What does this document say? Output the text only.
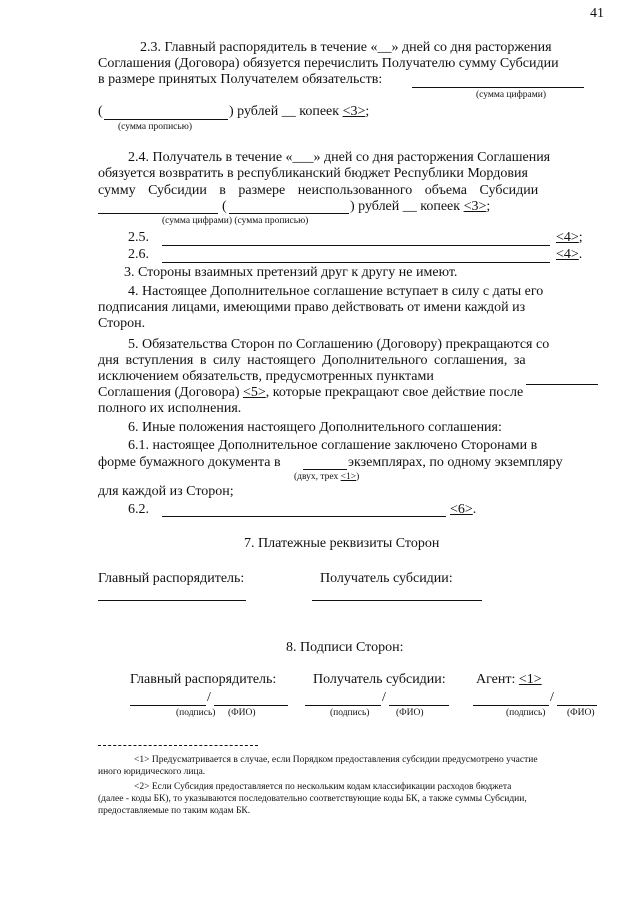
41
2.3. Главный распорядитель в течение «__» дней со дня расторжения
Соглашения (Договора) обязуется перечислить Получателю сумму Субсидии
в размере принятых Получателем обязательств:
(сумма цифрами)
(	) рублей __ копеек <3>;
(сумма прописью)
2.4. Получатель в течение «___» дней со дня расторжения Соглашения
обязуется возвратить в республиканский бюджет Республики Мордовия
сумму Субсидии в размере неиспользованного объема Субсидии
(	) рублей __ копеек <3>;
(сумма цифрами) (сумма прописью)
2.5.	<4>;
2.6.	<4>.
3. Стороны взаимных претензий друг к другу не имеют.
4. Настоящее Дополнительное соглашение вступает в силу с даты его
подписания лицами, имеющими право действовать от имени каждой из
Сторон.
5. Обязательства Сторон по Соглашению (Договору) прекращаются со
дня вступления в силу настоящего Дополнительного соглашения, за
исключением обязательств, предусмотренных пунктами
Соглашения (Договора) <5>, которые прекращают свое действие после
полного их исполнения.
6. Иные положения настоящего Дополнительного соглашения:
6.1. настоящее Дополнительное соглашение заключено Сторонами в
форме бумажного документа в	экземплярах, по одному экземпляру
(двух, трех <1>)
для каждой из Сторон;
6.2.	<6>.
7. Платежные реквизиты Сторон
Главный распорядитель:	Получатель субсидии:
8. Подписи Сторон:
Главный распорядитель:	Получатель субсидии: Агент: <1>
/
(подпись) (ФИО)
/
(подпись)	(ФИО)
/
(подпись) (ФИО)
<1> Предусматривается в случае, если Порядком предоставления субсидии предусмотрено участие
иного юридического лица.
<2> Если Субсидия предоставляется по нескольким кодам классификации расходов бюджета
(далее - коды БК), то указываются последовательно соответствующие коды БК, а также суммы Субсидии,
предоставляемые по таким кодам БК.
